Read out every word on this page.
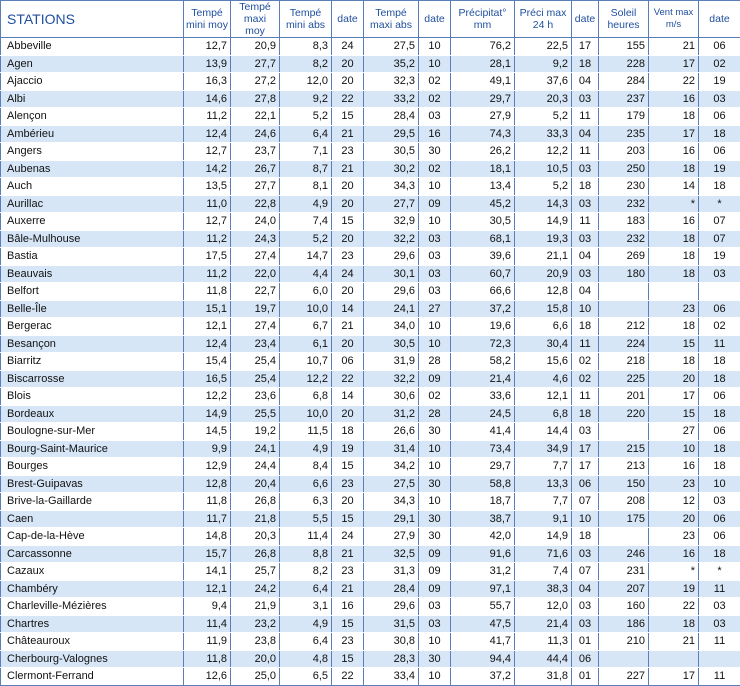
STATIONS	Tempé mini moy	Tempé maxi moy	Tempé mini abs	date	Tempé maxi abs	date	Précipitat° mm	Préci max 24 h	date	Soleil heures	Vent max m/s	date
Abbeville	12,7	20,9	8,3	24	27,5	10	76,2	22,5	17	155	21	06
Agen	13,9	27,7	8,2	20	35,2	10	28,1	9,2	18	228	17	02
Ajaccio	16,3	27,2	12,0	20	32,3	02	49,1	37,6	04	284	22	19
Albi	14,6	27,8	9,2	22	33,2	02	29,7	20,3	03	237	16	03
Alençon	11,2	22,1	5,2	15	28,4	03	27,9	5,2	11	179	18	06
Ambérieu	12,4	24,6	6,4	21	29,5	16	74,3	33,3	04	235	17	18
Angers	12,7	23,7	7,1	23	30,5	30	26,2	12,2	11	203	16	06
Aubenas	14,2	26,7	8,7	21	30,2	02	18,1	10,5	03	250	18	19
Auch	13,5	27,7	8,1	20	34,3	10	13,4	5,2	18	230	14	18
Aurillac	11,0	22,8	4,9	20	27,7	09	45,2	14,3	03	232	*	*
Auxerre	12,7	24,0	7,4	15	32,9	10	30,5	14,9	11	183	16	07
Bâle-Mulhouse	11,2	24,3	5,2	20	32,2	03	68,1	19,3	03	232	18	07
Bastia	17,5	27,4	14,7	23	29,6	03	39,6	21,1	04	269	18	19
Beauvais	11,2	22,0	4,4	24	30,1	03	60,7	20,9	03	180	18	03
Belfort	11,8	22,7	6,0	20	29,6	03	66,6	12,8	04			
Belle-Île	15,1	19,7	10,0	14	24,1	27	37,2	15,8	10		23	06
Bergerac	12,1	27,4	6,7	21	34,0	10	19,6	6,6	18	212	18	02
Besançon	12,4	23,4	6,1	20	30,5	10	72,3	30,4	11	224	15	11
Biarritz	15,4	25,4	10,7	06	31,9	28	58,2	15,6	02	218	18	18
Biscarrosse	16,5	25,4	12,2	22	32,2	09	21,4	4,6	02	225	20	18
Blois	12,2	23,6	6,8	14	30,6	02	33,6	12,1	11	201	17	06
Bordeaux	14,9	25,5	10,0	20	31,2	28	24,5	6,8	18	220	15	18
Boulogne-sur-Mer	14,5	19,2	11,5	18	26,6	30	41,4	14,4	03		27	06
Bourg-Saint-Maurice	9,9	24,1	4,9	19	31,4	10	73,4	34,9	17	215	10	18
Bourges	12,9	24,4	8,4	15	34,2	10	29,7	7,7	17	213	16	18
Brest-Guipavas	12,8	20,4	6,6	23	27,5	30	58,8	13,3	06	150	23	10
Brive-la-Gaillarde	11,8	26,8	6,3	20	34,3	10	18,7	7,7	07	208	12	03
Caen	11,7	21,8	5,5	15	29,1	30	38,7	9,1	10	175	20	06
Cap-de-la-Hève	14,8	20,3	11,4	24	27,9	30	42,0	14,9	18		23	06
Carcassonne	15,7	26,8	8,8	21	32,5	09	91,6	71,6	03	246	16	18
Cazaux	14,1	25,7	8,2	23	31,3	09	31,2	7,4	07	231	*	*
Chambéry	12,1	24,2	6,4	21	28,4	09	97,1	38,3	04	207	19	11
Charleville-Mézières	9,4	21,9	3,1	16	29,6	03	55,7	12,0	03	160	22	03
Chartres	11,4	23,2	4,9	15	31,5	03	47,5	21,4	03	186	18	03
Châteauroux	11,9	23,8	6,4	23	30,8	10	41,7	11,3	01	210	21	11
Cherbourg-Valognes	11,8	20,0	4,8	15	28,3	30	94,4	44,4	06			
Clermont-Ferrand	12,6	25,0	6,5	22	33,4	10	37,2	31,8	01	227	17	11
